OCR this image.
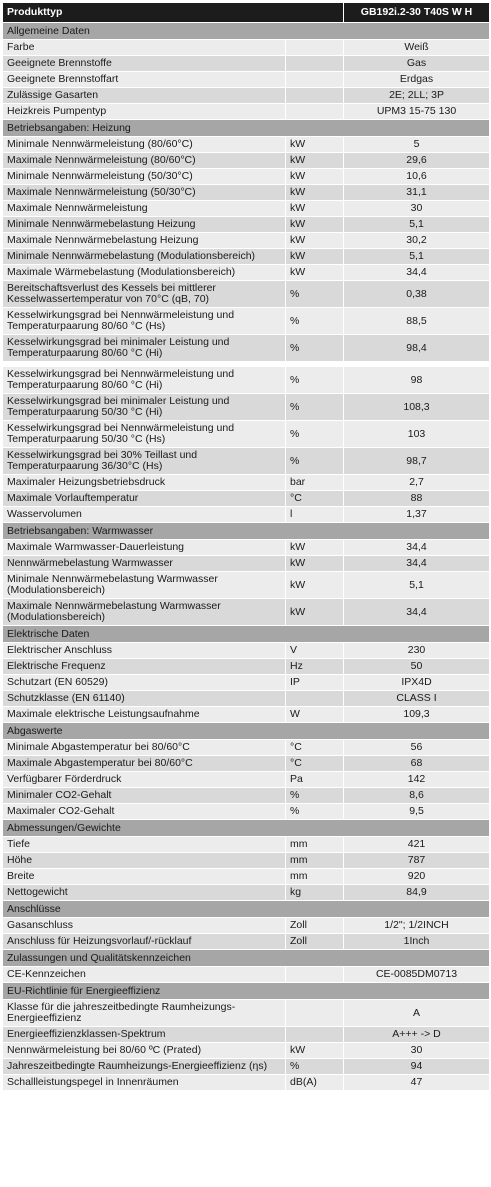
Produkttyp		GB192i.2-30 T40S W H
Allgemeine Daten		
Farbe		Weiß
Geeignete Brennstoffe		Gas
Geeignete Brennstoffart		Erdgas
Zulässige Gasarten		2E; 2LL; 3P
Heizkreis Pumpentyp		UPM3 15-75 130
Betriebsangaben: Heizung		
Minimale Nennwärmeleistung (80/60°C)	kW	5
Maximale Nennwärmeleistung (80/60°C)	kW	29,6
Minimale Nennwärmeleistung (50/30°C)	kW	10,6
Maximale Nennwärmeleistung (50/30°C)	kW	31,1
Maximale Nennwärmeleistung	kW	30
Minimale Nennwärmebelastung Heizung	kW	5,1
Maximale Nennwärmebelastung Heizung	kW	30,2
Minimale Nennwärmebelastung (Modulationsbereich)	kW	5,1
Maximale Wärmebelastung (Modulationsbereich)	kW	34,4
Bereitschaftsverlust des Kessels bei mittlerer Kesselwassertemperatur von 70°C (qB, 70)	%	0,38
Kesselwirkungsgrad bei Nennwärmeleistung und Temperaturpaarung 80/60 °C (Hs)	%	88,5
Kesselwirkungsgrad bei minimaler Leistung und Temperaturpaarung 80/60 °C (Hi)	%	98,4

Kesselwirkungsgrad bei Nennwärmeleistung und Temperaturpaarung 80/60 °C (Hi)	%	98
Kesselwirkungsgrad bei minimaler Leistung und Temperaturpaarung 50/30 °C (Hi)	%	108,3
Kesselwirkungsgrad bei Nennwärmeleistung und Temperaturpaarung 50/30 °C (Hs)	%	103
Kesselwirkungsgrad bei 30% Teillast und Temperaturpaarung 36/30°C (Hs)	%	98,7
Maximaler Heizungsbetriebsdruck	bar	2,7
Maximale Vorlauftemperatur	°C	88
Wasservolumen	l	1,37
Betriebsangaben: Warmwasser		
Maximale Warmwasser-Dauerleistung	kW	34,4
Nennwärmebelastung Warmwasser	kW	34,4
Minimale Nennwärmebelastung Warmwasser (Modulationsbereich)	kW	5,1
Maximale Nennwärmebelastung Warmwasser (Modulationsbereich)	kW	34,4
Elektrische Daten		
Elektrischer Anschluss	V	230
Elektrische Frequenz	Hz	50
Schutzart (EN 60529)	IP	IPX4D
Schutzklasse (EN 61140)		CLASS I
Maximale elektrische Leistungsaufnahme	W	109,3
Abgaswerte		
Minimale Abgastemperatur bei 80/60°C	°C	56
Maximale Abgastemperatur bei 80/60°C	°C	68
Verfügbarer Förderdruck	Pa	142
Minimaler CO2-Gehalt	%	8,6
Maximaler CO2-Gehalt	%	9,5
Abmessungen/Gewichte		
Tiefe	mm	421
Höhe	mm	787
Breite	mm	920
Nettogewicht	kg	84,9
Anschlüsse		
Gasanschluss	Zoll	1/2"; 1/2INCH
Anschluss für Heizungsvorlauf/-rücklauf	Zoll	1Inch
Zulassungen und Qualitätskennzeichen		
CE-Kennzeichen		CE-0085DM0713
EU-Richtlinie für Energieeffizienz		
Klasse für die jahreszeitbedingte Raumheizungs-Energieeffizienz		A
Energieeffizienzklassen-Spektrum		A+++ -> D
Nennwärmeleistung bei 80/60 ºC (Prated)	kW	30
Jahreszeitbedingte Raumheizungs-Energieeffizienz (ηs)	%	94
Schallleistungspegel in Innenräumen	dB(A)	47
